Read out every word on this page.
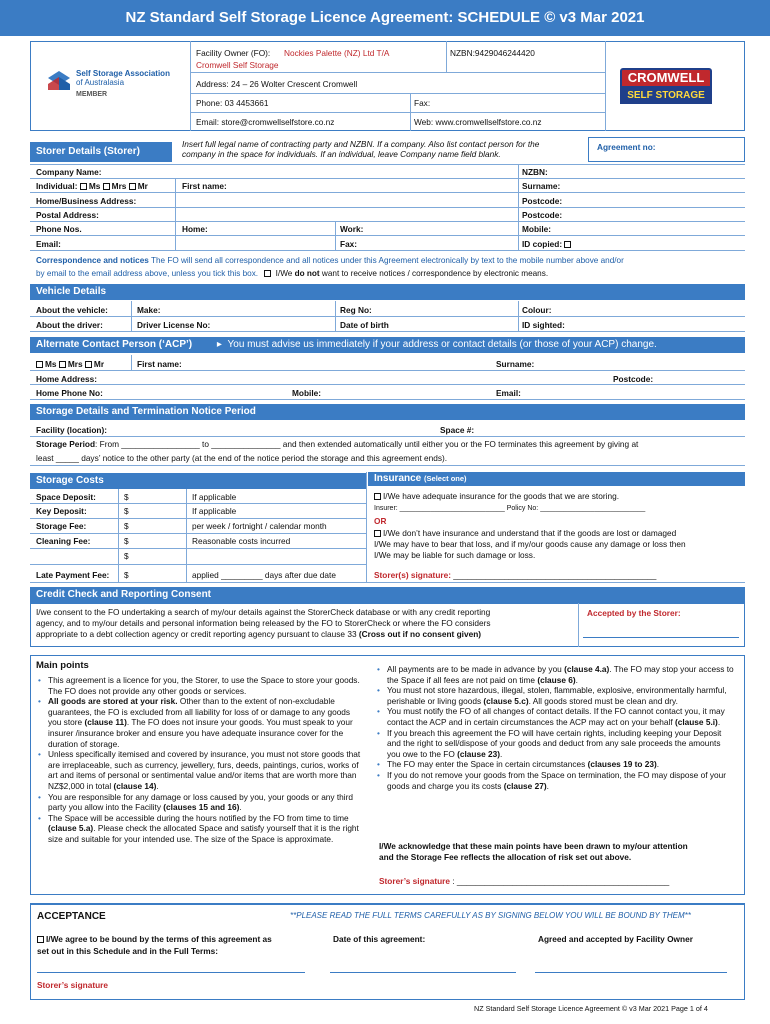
NZ Standard Self Storage Licence Agreement: SCHEDULE © v3 Mar 2021
Self Storage Association
of Australasia
MEMBER
Facility Owner (FO): Nockies Palette (NZ) Ltd T/A
Cromwell Self Storage
NZBN:9429046244420
Address: 24 – 26 Wolter Crescent Cromwell
Phone: 03 4453661	Fax:
Email: store@cromwellselfstore.co.nz	Web: www.cromwellselfstore.co.nz
CROMWELL
SELF STORAGE
Storer Details (Storer)
Insert full legal name of contracting party and NZBN. If a company. Also list contact person for the
company in the space for individuals. If an individual, leave Company name field blank.
Agreement no:
Company Name:	NZBN:
Individual: Ms Mrs Mr	First name:	Surname:
Home/Business Address:	Postcode:
Postal Address:	Postcode:
Phone Nos.	Home:	Work:	Mobile:
Email:	Fax:	ID copied:
Correspondence and notices The FO will send all correspondence and all notices under this Agreement electronically by text to the mobile number above and/or
by email to the email address above, unless you tick this box. I/We do not want to receive notices / correspondence by electronic means.
Vehicle Details
About the vehicle:	Make:	Reg No:	Colour:
About the driver:	Driver License No:	Date of birth	ID sighted:
Alternate Contact Person (‘ACP’) ▸  You must advise us immediately if your address or contact details (or those of your ACP) change.
Ms Mrs Mr	First name:	Surname:
Home Address:	Postcode:
Home Phone No:	Mobile:	Email:
Storage Details and Termination Notice Period
Facility (location):	Space #:
Storage Period: From _________________ to _______________ and then extended automatically until either you or the FO terminates this agreement by giving at
least _____ days’ notice to the other party (at the end of the notice period the storage and this agreement ends).
Storage Costs	Insurance (Select one)
Space Deposit:	$	If applicable
Key Deposit:	$	If applicable
Storage Fee:	$	per week / fortnight / calendar month
Cleaning Fee:	$	Reasonable costs incurred
$
Late Payment Fee: $	applied _________ days after due date
I/We have adequate insurance for the goods that we are storing.
Insurer: ___________________________ Policy No: ___________________________
OR
I/We don’t have insurance and understand that if the goods are lost or damaged
I/We may have to bear that loss, and if my/our goods cause any damage or loss then
I/We may be liable for such damage or loss.
Storer(s) signature: ____________________________________________
Credit Check and Reporting Consent
I/we consent to the FO undertaking a search of my/our details against the StorerCheck database or with any credit reporting
agency, and to my/our details and personal information being released by the FO to StorerCheck or where the FO considers
appropriate to a debt collection agency or credit reporting agency pursuant to clause 33 (Cross out if no consent given)
Accepted by the Storer:
Main points
• This agreement is a licence for you, the Storer, to use the Space to store your goods. The FO does not provide any other goods or services.
• All goods are stored at your risk. Other than to the extent of non-excludable guarantees, the FO is excluded from all liability for loss of or damage to any goods you store (clause 11). The FO does not insure your goods. You must speak to your insurer /insurance broker and ensure you have adequate insurance cover for the duration of storage.
• Unless specifically itemised and covered by insurance, you must not store goods that are irreplaceable, such as currency, jewellery, furs, deeds, paintings, curios, works of art and items of personal or sentimental value and/or items that are worth more than NZ$2,000 in total (clause 14).
• You are responsible for any damage or loss caused by you, your goods or any third party you allow into the Facility (clauses 15 and 16).
• The Space will be accessible during the hours notified by the FO from time to time (clause 5.a). Please check the allocated Space and satisfy yourself that it is the right size and suitable for your intended use. The size of the Space is approximate.
• All payments are to be made in advance by you (clause 4.a). The FO may stop your access to the Space if all fees are not paid on time (clause 6).
• You must not store hazardous, illegal, stolen, flammable, explosive, environmentally harmful, perishable or living goods (clause 5.c). All goods stored must be clean and dry.
• You must notify the FO of all changes of contact details. If the FO cannot contact you, it may contact the ACP and in certain circumstances the ACP may act on your behalf (clause 5.i).
• If you breach this agreement the FO will have certain rights, including keeping your Deposit and the right to sell/dispose of your goods and deduct from any sale proceeds the amounts you owe to the FO (clause 23).
• The FO may enter the Space in certain circumstances (clauses 19 to 23).
• If you do not remove your goods from the Space on termination, the FO may dispose of your goods and charge you its costs (clause 27).
I/We acknowledge that these main points have been drawn to my/our attention
and the Storage Fee reflects the allocation of risk set out above.
Storer’s signature : ______________________________________________
ACCEPTANCE	**PLEASE READ THE FULL TERMS CAREFULLY AS BY SIGNING BELOW YOU WILL BE BOUND BY THEM**
I/We agree to be bound by the terms of this agreement as
set out in this Schedule and in the Full Terms:
Date of this agreement:	Agreed and accepted by Facility Owner
Storer’s signature
NZ Standard Self Storage Licence Agreement © v3 Mar 2021 Page 1 of 4
